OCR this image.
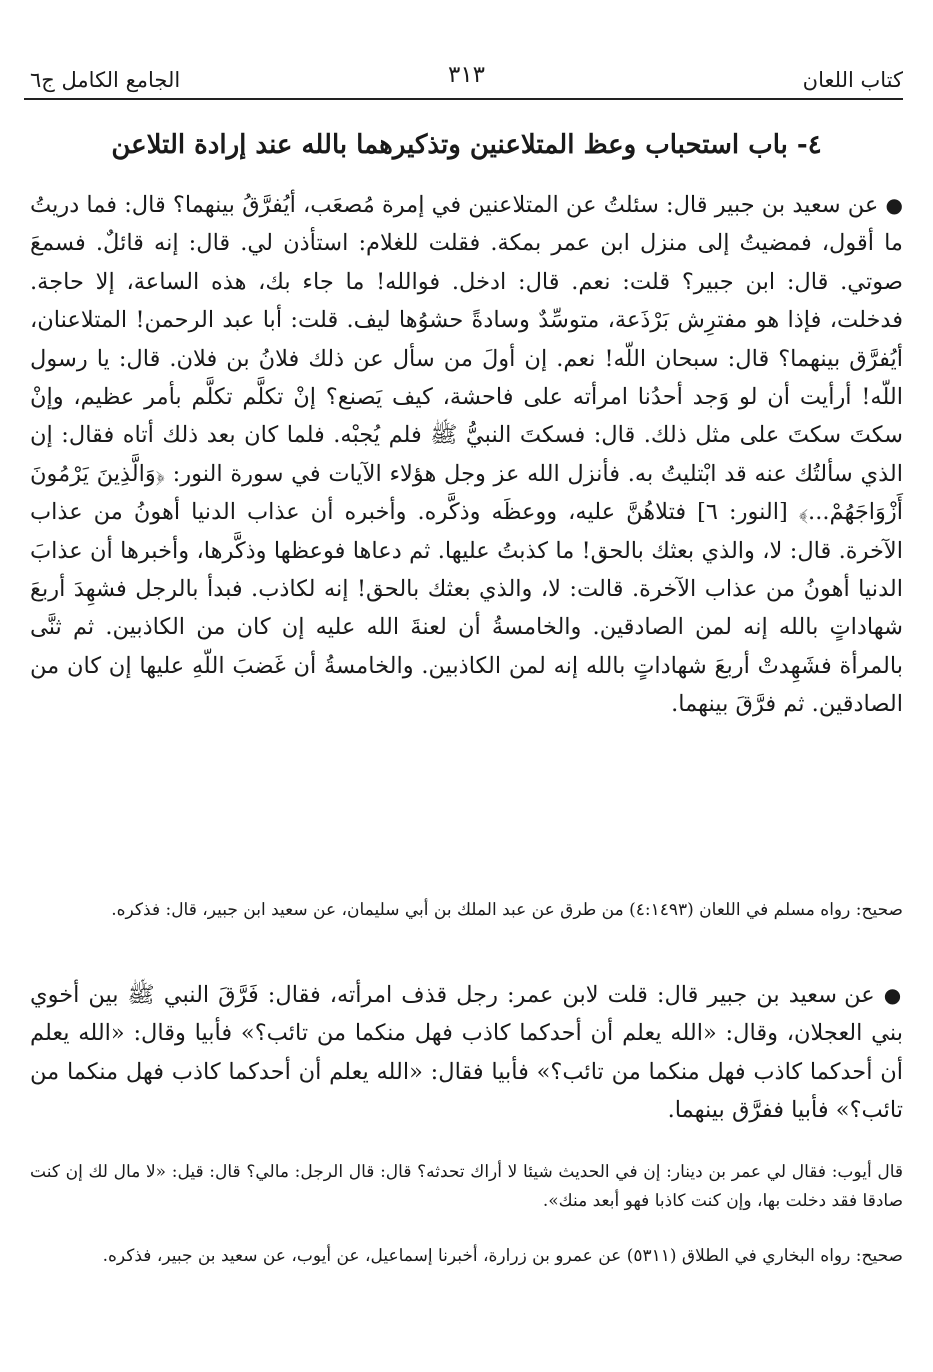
كتاب اللعان
٣١٣
الجامع الكامل ج٦
٤- باب استحباب وعظ المتلاعنين وتذكيرهما بالله عند إرادة التلاعن
● عن سعيد بن جبير قال: سئلتُ عن المتلاعنين في إمرة مُصعَب، أيُفرَّقُ بينهما؟ قال: فما دريتُ ما أقول، فمضيتُ إلى منزل ابن عمر بمكة. فقلت للغلام: استأذن لي. قال: إنه قائلٌ. فسمعَ صوتي. قال: ابن جبير؟ قلت: نعم. قال: ادخل. فوالله! ما جاء بك، هذه الساعة، إلا حاجة. فدخلت، فإذا هو مفترِش بَرْذَعة، متوسِّدٌ وسادةً حشوُها ليف. قلت: أبا عبد الرحمن! المتلاعنان، أيُفرَّق بينهما؟ قال: سبحان اللّه! نعم. إن أولَ من سأل عن ذلك فلانُ بن فلان. قال: يا رسول اللّه! أرأيت أن لو وَجد أحدُنا امرأته على فاحشة، كيف يَصنع؟ إنْ تكلَّم تكلَّم بأمر عظيم، وإنْ سكتَ سكتَ على مثل ذلك. قال: فسكتَ النبيُّ ﷺ فلم يُجبْه. فلما كان بعد ذلك أتاه فقال: إن الذي سألتُك عنه قد ابْتليتُ به. فأنزل الله عز وجل هؤلاء الآيات في سورة النور: ﴿وَالَّذِينَ يَرْمُونَ أَزْوَاجَهُمْ...﴾ [النور: ٦] فتلاهُنَّ عليه، ووعظَه وذكَّره. وأخبره أن عذاب الدنيا أهونُ من عذاب الآخرة. قال: لا، والذي بعثك بالحق! ما كذبتُ عليها. ثم دعاها فوعظها وذكَّرها، وأخبرها أن عذابَ الدنيا أهونُ من عذاب الآخرة. قالت: لا، والذي بعثك بالحق! إنه لكاذب. فبدأ بالرجل فشهِدَ أربعَ شهاداتٍ بالله إنه لمن الصادقين. والخامسةُ أن لعنةَ الله عليه إن كان من الكاذبين. ثم ثنَّى بالمرأة فشَهِدتْ أربعَ شهاداتٍ بالله إنه لمن الكاذبين. والخامسةُ أن غَضبَ اللّهِ عليها إن كان من الصادقين. ثم فرَّقَ بينهما.
صحيح: رواه مسلم في اللعان (٤:١٤٩٣) من طرق عن عبد الملك بن أبي سليمان، عن سعيد ابن جبير، قال: فذكره.
● عن سعيد بن جبير قال: قلت لابن عمر: رجل قذف امرأته، فقال: فَرَّقَ النبي ﷺ بين أخوي بني العجلان، وقال: «الله يعلم أن أحدكما كاذب فهل منكما من تائب؟» فأبيا وقال: «الله يعلم أن أحدكما كاذب فهل منكما من تائب؟» فأبيا فقال: «الله يعلم أن أحدكما كاذب فهل منكما من تائب؟» فأبيا ففرَّق بينهما.
قال أيوب: فقال لي عمر بن دينار: إن في الحديث شيئا لا أراك تحدثه؟ قال: قال الرجل: مالي؟ قال: قيل: «لا مال لك إن كنت صادقا فقد دخلت بها، وإن كنت كاذبا فهو أبعد منك».
صحيح: رواه البخاري في الطلاق (٥٣١١) عن عمرو بن زرارة، أخبرنا إسماعيل، عن أيوب، عن سعيد بن جبير، فذكره.
